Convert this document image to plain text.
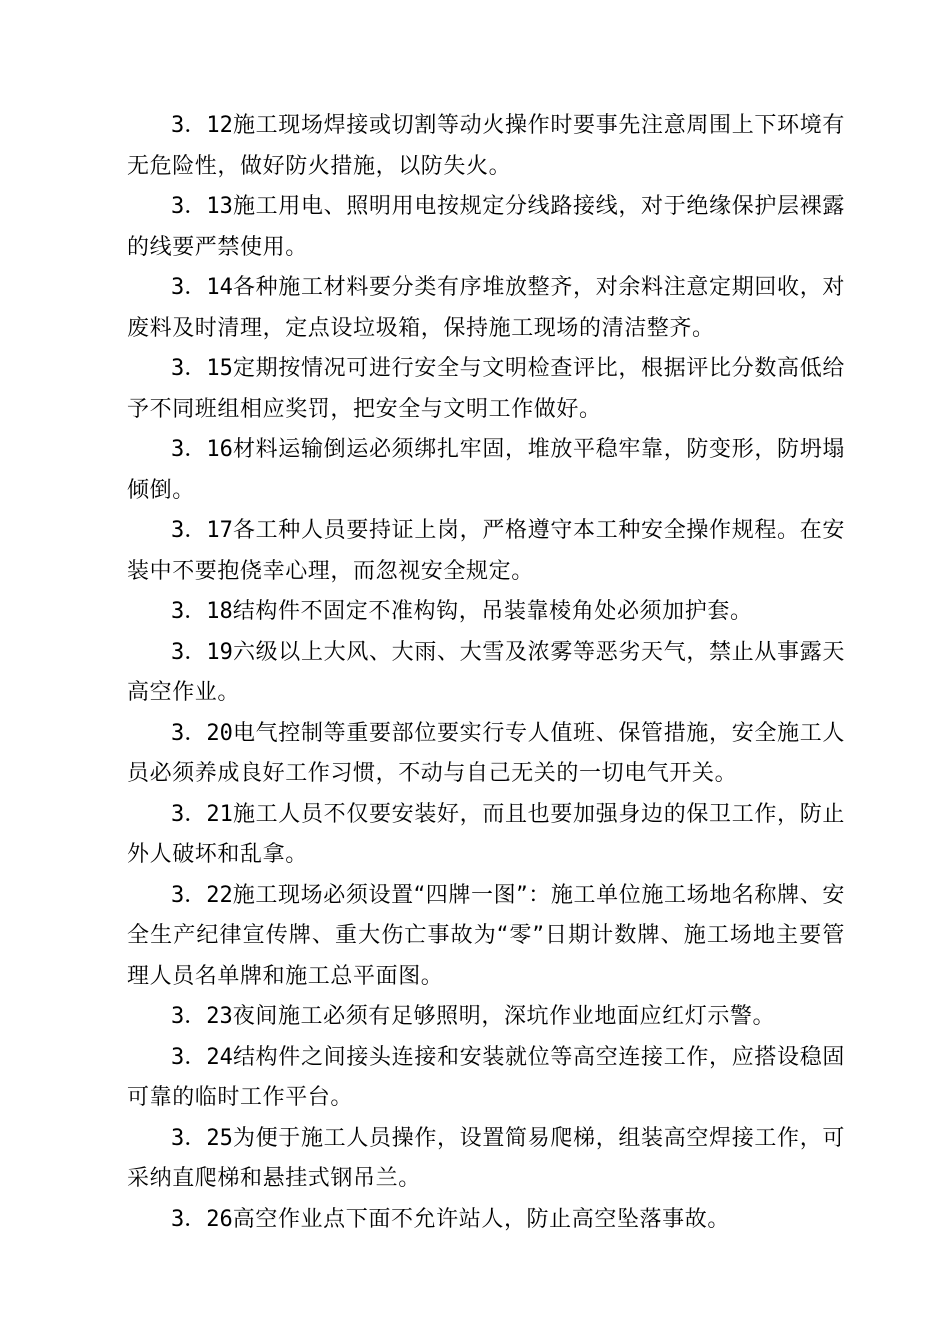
3．12施工现场焊接或切割等动火操作时要事先注意周围上下环境有无危险性，做好防火措施，以防失火。

3．13施工用电、照明用电按规定分线路接线，对于绝缘保护层裸露的线要严禁使用。

3．14各种施工材料要分类有序堆放整齐，对余料注意定期回收，对废料及时清理，定点设垃圾箱，保持施工现场的清洁整齐。

3．15定期按情况可进行安全与文明检查评比，根据评比分数高低给予不同班组相应奖罚，把安全与文明工作做好。

3．16材料运输倒运必须绑扎牢固，堆放平稳牢靠，防变形，防坍塌倾倒。

3．17各工种人员要持证上岗，严格遵守本工种安全操作规程。在安装中不要抱侥幸心理，而忽视安全规定。

3．18结构件不固定不准构钩，吊装靠棱角处必须加护套。

3．19六级以上大风、大雨、大雪及浓雾等恶劣天气，禁止从事露天高空作业。

3．20电气控制等重要部位要实行专人值班、保管措施，安全施工人员必须养成良好工作习惯，不动与自己无关的一切电气开关。

3．21施工人员不仅要安装好，而且也要加强身边的保卫工作，防止外人破坏和乱拿。

3．22施工现场必须设置“四牌一图”：施工单位施工场地名称牌、安全生产纪律宣传牌、重大伤亡事故为“零”日期计数牌、施工场地主要管理人员名单牌和施工总平面图。

3．23夜间施工必须有足够照明，深坑作业地面应红灯示警。

3．24结构件之间接头连接和安装就位等高空连接工作，应搭设稳固可靠的临时工作平台。

3．25为便于施工人员操作，设置简易爬梯，组装高空焊接工作，可采纳直爬梯和悬挂式钢吊兰。

3．26高空作业点下面不允许站人，防止高空坠落事故。
